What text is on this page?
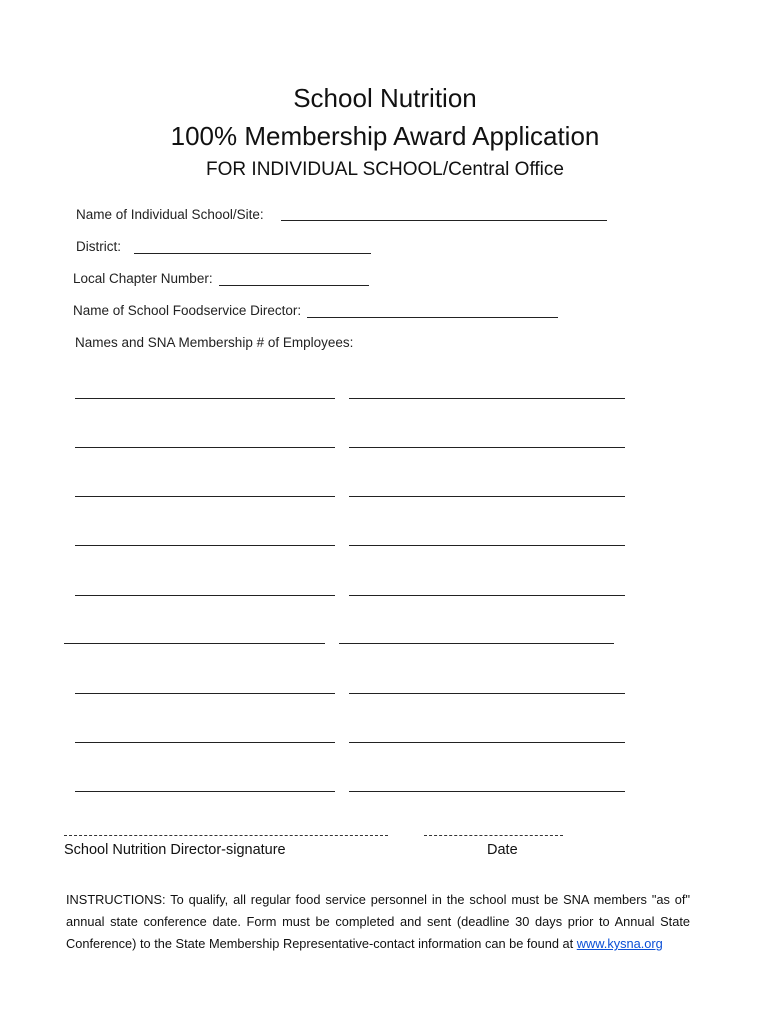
School Nutrition
100% Membership Award Application
FOR INDIVIDUAL SCHOOL/Central Office
Name of Individual School/Site:
District:
Local Chapter Number:
Name of School Foodservice Director:
Names and SNA Membership # of Employees:
School Nutrition Director-signature	Date
INSTRUCTIONS: To qualify, all regular food service personnel in the school must be SNA members "as of" annual state conference date. Form must be completed and sent (deadline 30 days prior to Annual State Conference) to the State Membership Representative-contact information can be found at www.kysna.org
